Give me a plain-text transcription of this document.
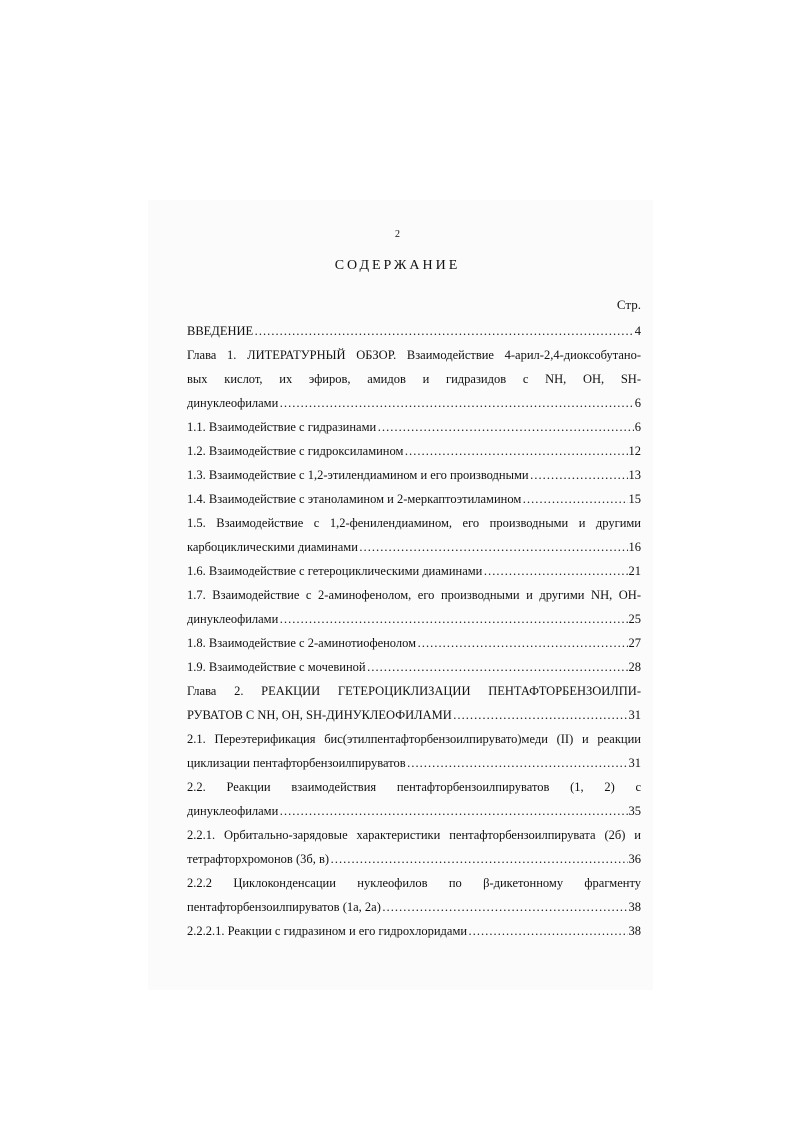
2
СОДЕРЖАНИЕ
Стр.
ВВЕДЕНИЕ ……………………………………………………………………………………………………………………………………………………………………………………………………	4
Глава 1. ЛИТЕРАТУРНЫЙ ОБЗОР. Взаимодействие 4-арил-2,4-диоксобутано-
вых кислот, их эфиров, амидов и гидразидов с NH, OH, SH-
динуклеофилами ……………………………………………………………………………………………………………………………………………………………………………………………………	6
1.1. Взаимодействие с гидразинами ……………………………………………………………………………………………………………………………………………………………………………………………………	6
1.2. Взаимодействие с гидроксиламином ……………………………………………………………………………………………………………………………………………………………………………………………………	12
1.3. Взаимодействие с 1,2-этилендиамином и его производными ……………………………………………………………………………………………………………………………………………………………………………………………………	13
1.4. Взаимодействие с этаноламином и 2-меркаптоэтиламином ……………………………………………………………………………………………………………………………………………………………………………………………………	15
1.5. Взаимодействие с 1,2-фенилендиамином, его производными и другими
карбоциклическими диаминами ……………………………………………………………………………………………………………………………………………………………………………………………………	16
1.6. Взаимодействие с гетероциклическими диаминами ……………………………………………………………………………………………………………………………………………………………………………………………………	21
1.7. Взаимодействие с 2-аминофенолом, его производными и другими NH, OH-
динуклеофилами ……………………………………………………………………………………………………………………………………………………………………………………………………	25
1.8. Взаимодействие с 2-аминотиофенолом ……………………………………………………………………………………………………………………………………………………………………………………………………	27
1.9. Взаимодействие с мочевиной ……………………………………………………………………………………………………………………………………………………………………………………………………	28
Глава 2. РЕАКЦИИ ГЕТЕРОЦИКЛИЗАЦИИ ПЕНТАФТОРБЕНЗОИЛПИ-
РУВАТОВ С NH, OH, SH-ДИНУКЛЕОФИЛАМИ ……………………………………………………………………………………………………………………………………………………………………………………………………	31
2.1. Переэтерификация бис(этилпентафторбензоилпирувато)меди (II) и реакции
циклизации пентафторбензоилпируватов ……………………………………………………………………………………………………………………………………………………………………………………………………	31
2.2. Реакции взаимодействия пентафторбензоилпируватов (1, 2) с
динуклеофилами ……………………………………………………………………………………………………………………………………………………………………………………………………	35
2.2.1. Орбитально-зарядовые характеристики пентафторбензоилпирувата (2б) и
тетрафторхромонов (3б, в) ……………………………………………………………………………………………………………………………………………………………………………………………………	36
2.2.2 Циклоконденсации нуклеофилов по β-дикетонному фрагменту
пентафторбензоилпируватов (1а, 2а) ……………………………………………………………………………………………………………………………………………………………………………………………………	38
2.2.2.1. Реакции с гидразином и его гидрохлоридами ……………………………………………………………………………………………………………………………………………………………………………………………………	38
